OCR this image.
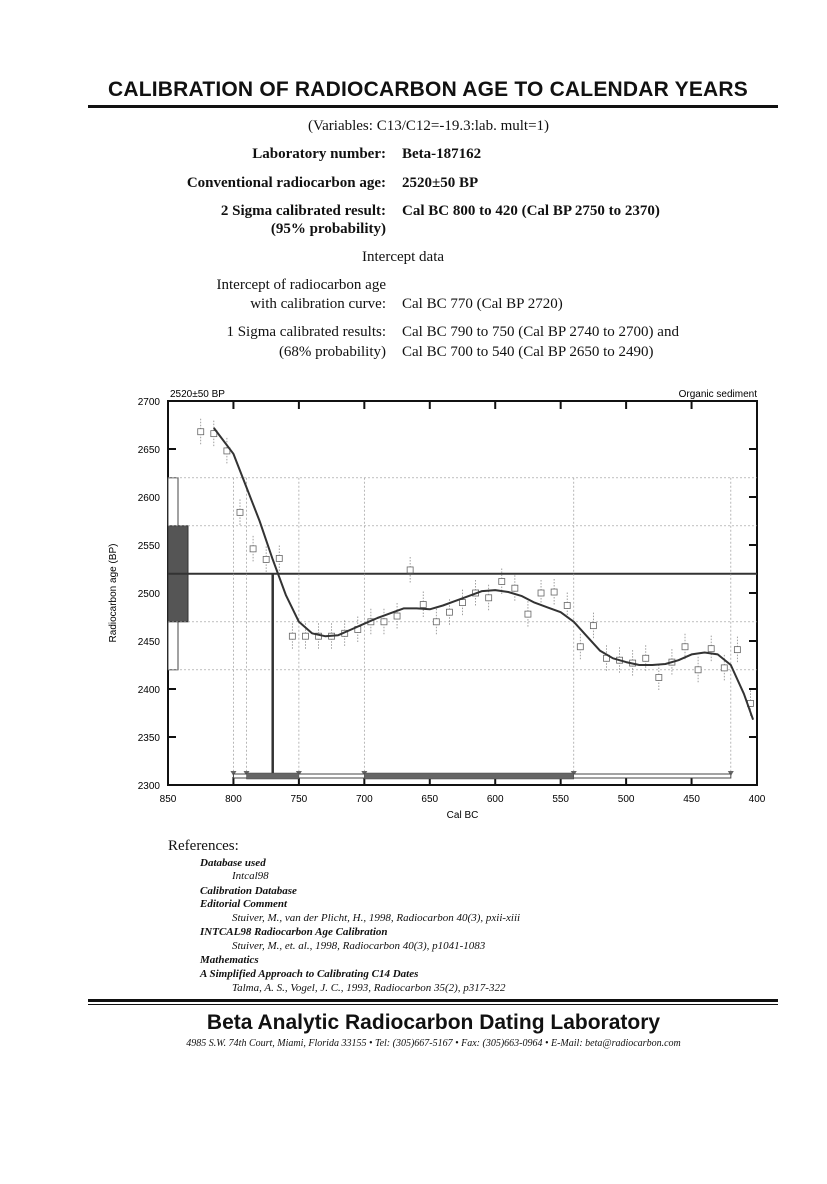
CALIBRATION OF RADIOCARBON AGE TO CALENDAR YEARS
(Variables: C13/C12=-19.3:lab. mult=1)
Laboratory number: Beta-187162
Conventional radiocarbon age: 2520±50 BP
2 Sigma calibrated result:
(95% probability)
Cal BC 800 to 420 (Cal BP 2750 to 2370)
Intercept data
Intercept of radiocarbon age
with calibration curve: Cal BC 770 (Cal BP 2720)
1 Sigma calibrated results:
(68% probability)
Cal BC 790 to 750 (Cal BP 2740 to 2700) and
Cal BC 700 to 540 (Cal BP 2650 to 2490)
850	800	750	700	650	600	550	500	450	400
2700
2650
2600
2550
2500
2450
2400
2350
2300
2520±50 BP	Organic sediment
Cal BC
Radiocarbon age (BP)
References:
Database used
Intcal98
Calibration Database
Editorial Comment
Stuiver, M., van der Plicht, H., 1998, Radiocarbon 40(3), pxii-xiii
INTCAL98 Radiocarbon Age Calibration
Stuiver, M., et. al., 1998, Radiocarbon 40(3), p1041-1083
Mathematics
A Simplified Approach to Calibrating C14 Dates
Talma, A. S., Vogel, J. C., 1993, Radiocarbon 35(2), p317-322
Beta Analytic Radiocarbon Dating Laboratory
4985 S.W. 74th Court, Miami, Florida 33155 • Tel: (305)667-5167 • Fax: (305)663-0964 • E-Mail: beta@radiocarbon.com
